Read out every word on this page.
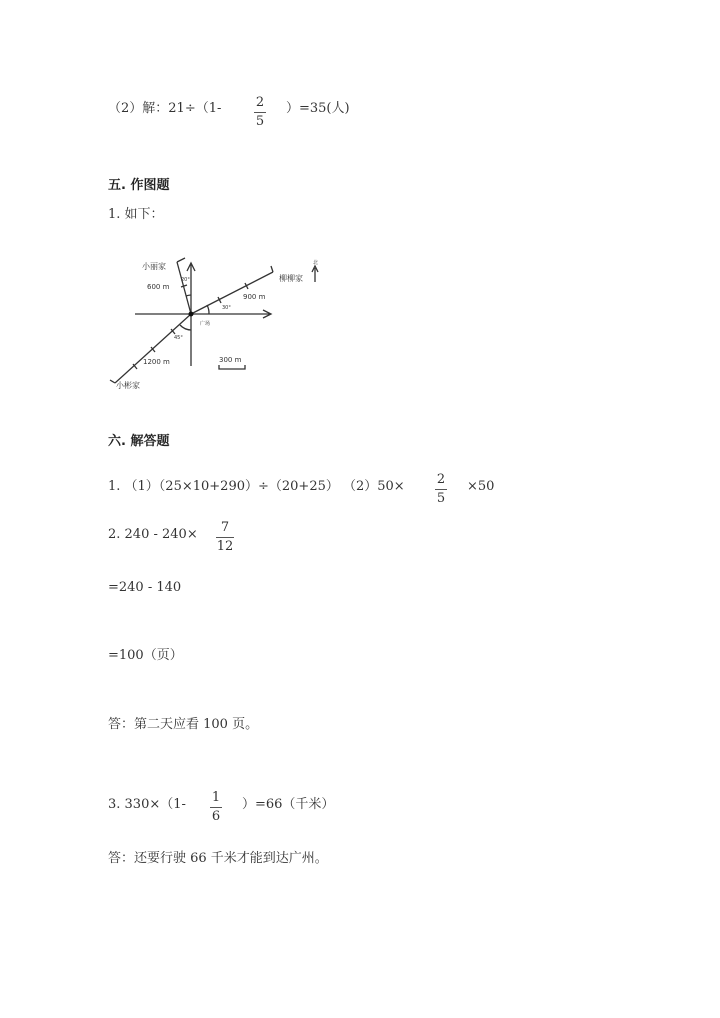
（2）解：21÷（1-	2
5
）=35(人)
五. 作图题
1. 如下：
小丽家
600 m
20°	柳柳家
900 m
30°
北
广场
45°
1200 m	300 m
小彬家
六. 解答题
1. （1）（25×10+290）÷（20+25） （2）50× 2
5
×50
2. 240 - 240×	7
12
=240 - 140
=100（页）
答：第二天应看 100 页。
3. 330×（1- 1
6
）=66（千米）
答：还要行驶 66 千米才能到达广州。
